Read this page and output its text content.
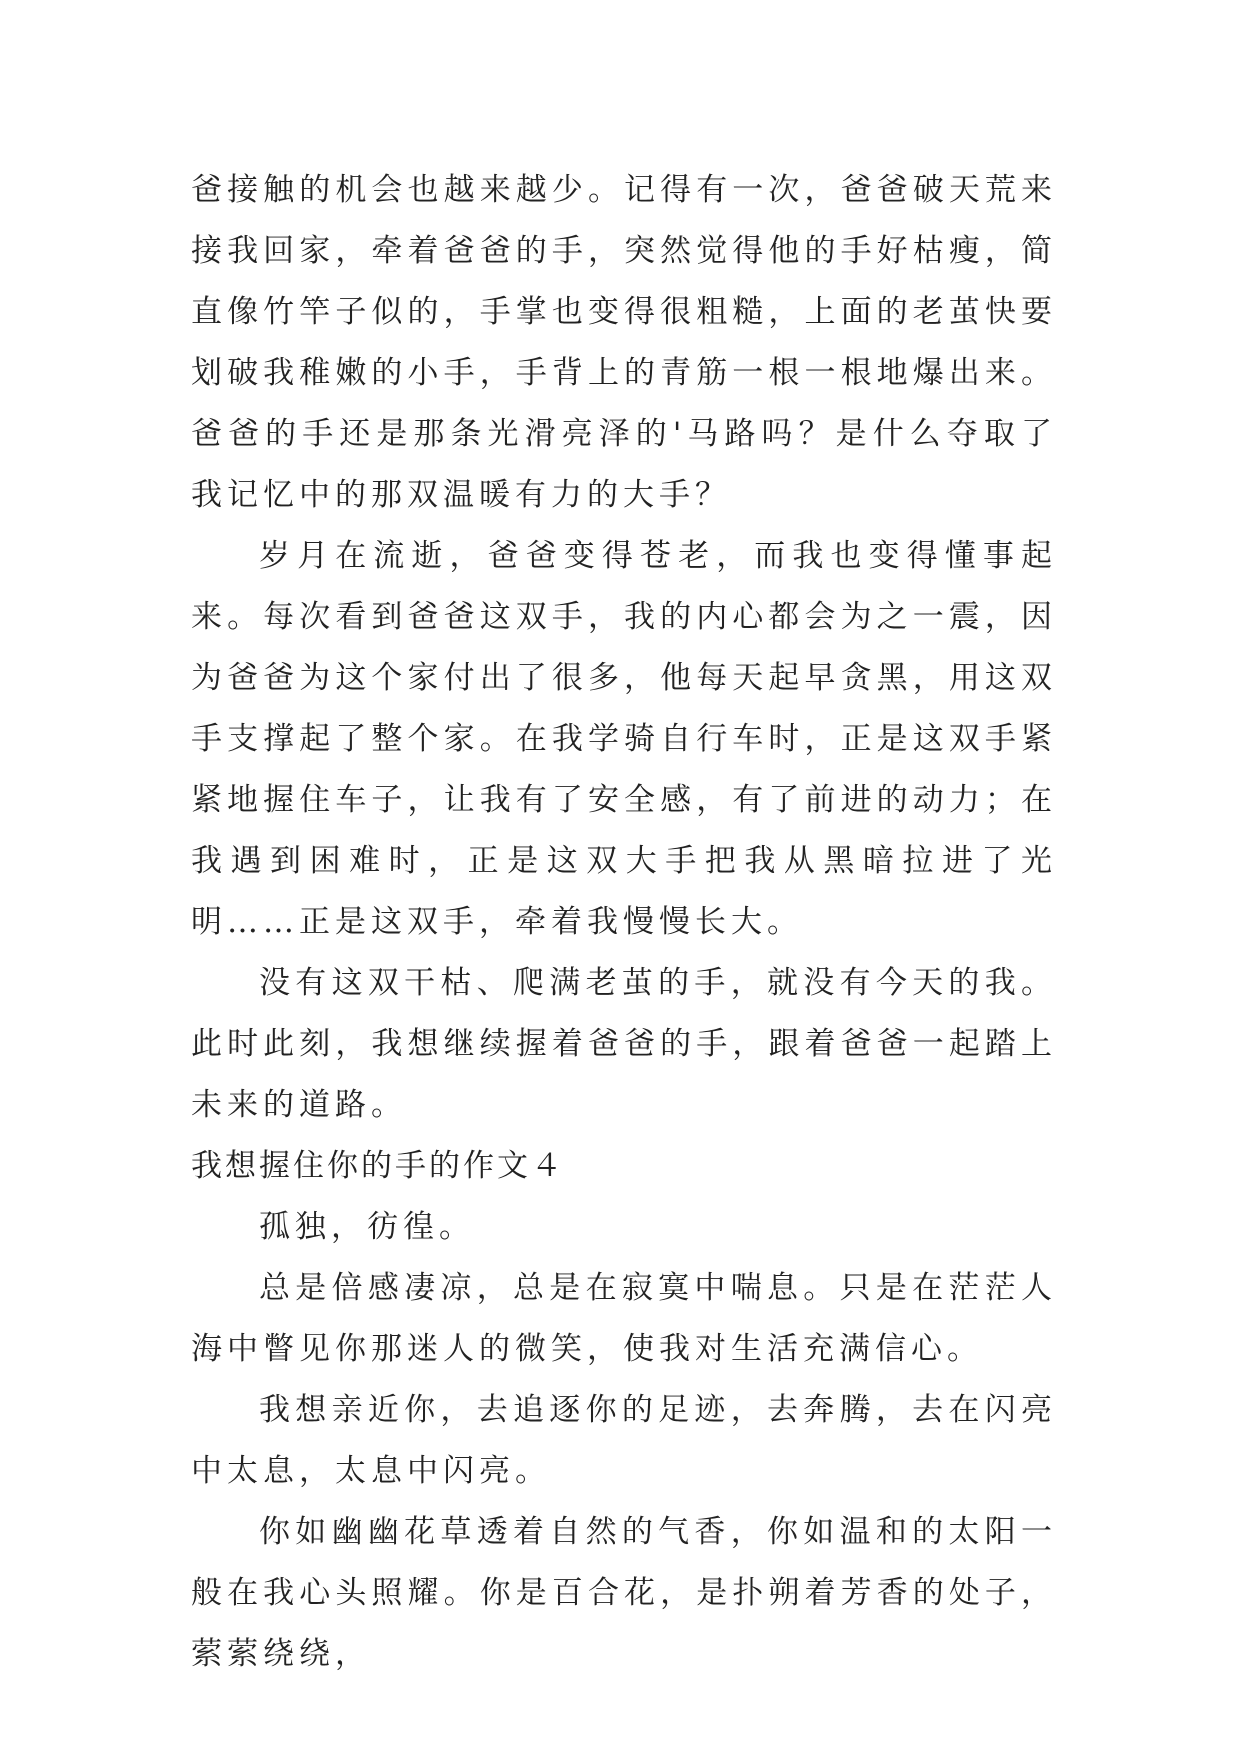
爸接触的机会也越来越少。记得有一次，爸爸破天荒来接我回家，牵着爸爸的手，突然觉得他的手好枯瘦，简直像竹竿子似的，手掌也变得很粗糙，上面的老茧快要划破我稚嫩的小手，手背上的青筋一根一根地爆出来。爸爸的手还是那条光滑亮泽的'马路吗？是什么夺取了我记忆中的那双温暖有力的大手？

岁月在流逝，爸爸变得苍老，而我也变得懂事起来。每次看到爸爸这双手，我的内心都会为之一震，因为爸爸为这个家付出了很多，他每天起早贪黑，用这双手支撑起了整个家。在我学骑自行车时，正是这双手紧紧地握住车子，让我有了安全感，有了前进的动力；在我遇到困难时，正是这双大手把我从黑暗拉进了光明……正是这双手，牵着我慢慢长大。

没有这双干枯、爬满老茧的手，就没有今天的我。此时此刻，我想继续握着爸爸的手，跟着爸爸一起踏上未来的道路。

我想握住你的手的作文４

孤独，彷徨。

总是倍感凄凉，总是在寂寞中喘息。只是在茫茫人海中瞥见你那迷人的微笑，使我对生活充满信心。

我想亲近你，去追逐你的足迹，去奔腾，去在闪亮中太息，太息中闪亮。

你如幽幽花草透着自然的气香，你如温和的太阳一般在我心头照耀。你是百合花，是扑朔着芳香的处子，萦萦绕绕，
